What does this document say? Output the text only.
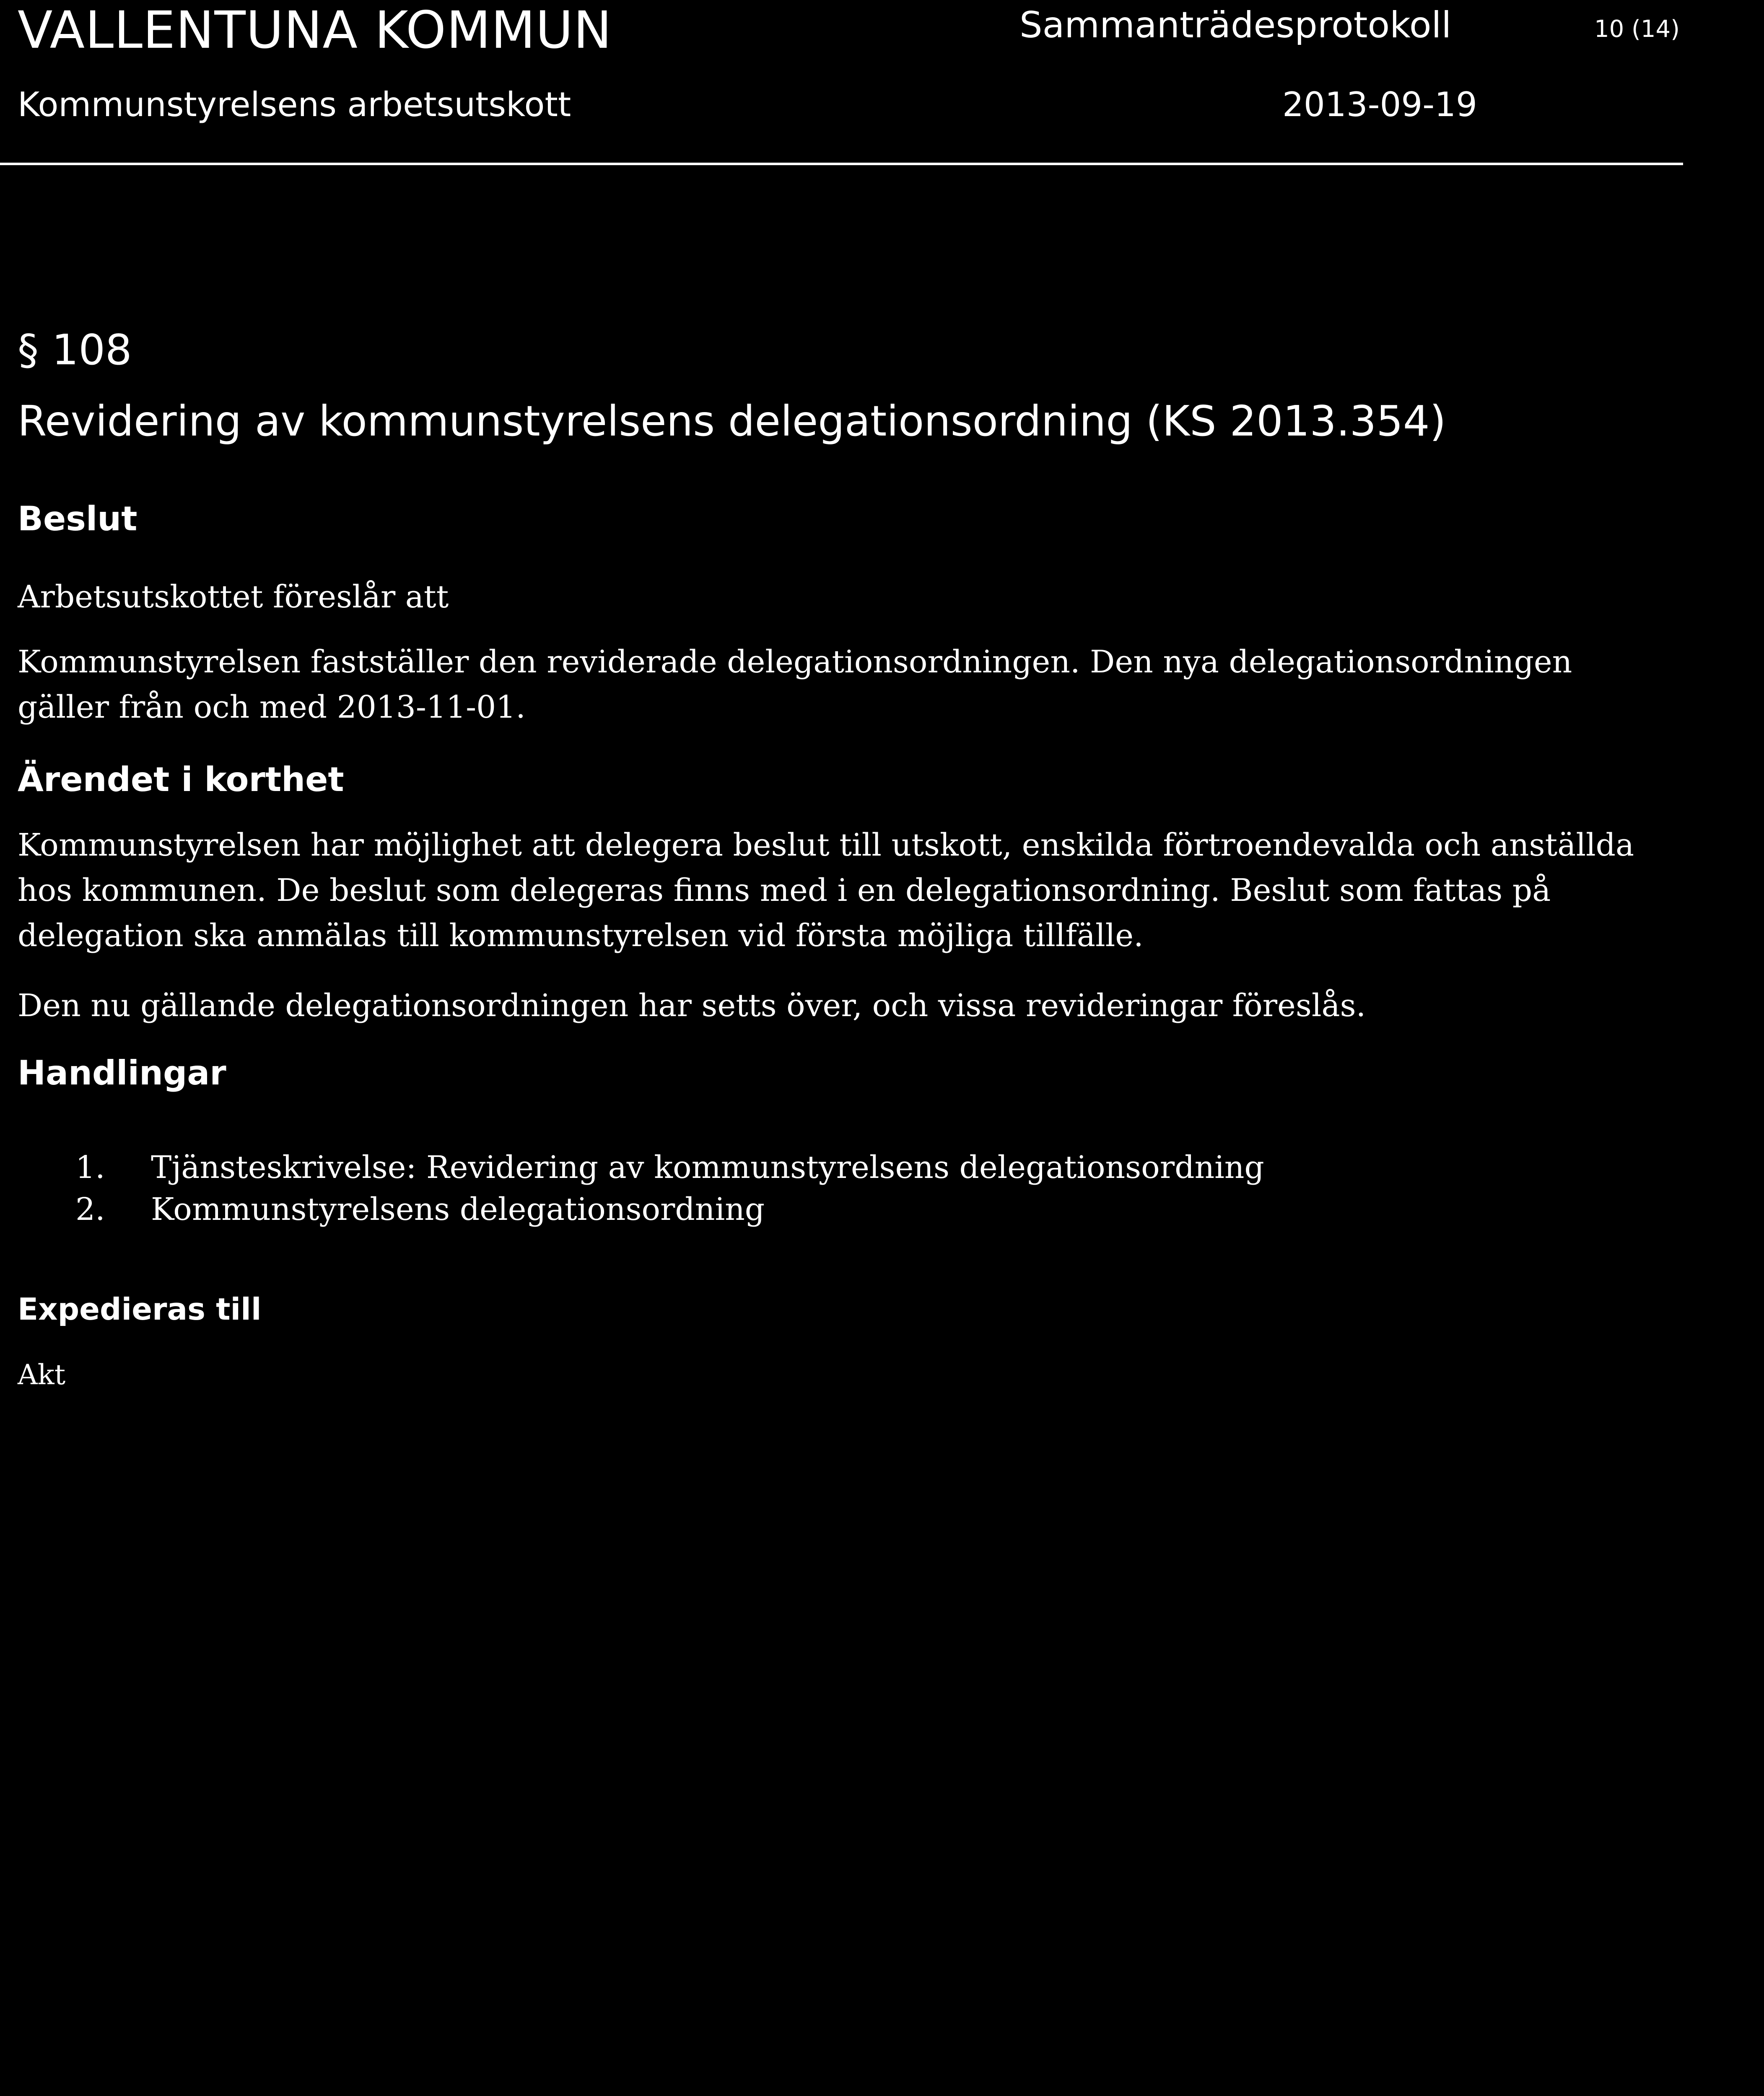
VALLENTUNA KOMMUN	Sammanträdesprotokoll	10 (14)
Kommunstyrelsens arbetsutskott	2013-09-19
§ 108
Revidering av kommunstyrelsens delegationsordning (KS 2013.354)
Beslut
Arbetsutskottet föreslår att
Kommunstyrelsen fastställer den reviderade delegationsordningen. Den nya delegationsordningen gäller från och med 2013-11-01.
Ärendet i korthet
Kommunstyrelsen har möjlighet att delegera beslut till utskott, enskilda förtroendevalda och anställda hos kommunen. De beslut som delegeras finns med i en delegationsordning. Beslut som fattas på delegation ska anmälas till kommunstyrelsen vid första möjliga tillfälle.
Den nu gällande delegationsordningen har setts över, och vissa revideringar föreslås.
Handlingar
1.	Tjänsteskrivelse: Revidering av kommunstyrelsens delegationsordning
2.	Kommunstyrelsens delegationsordning
Expedieras till
Akt
